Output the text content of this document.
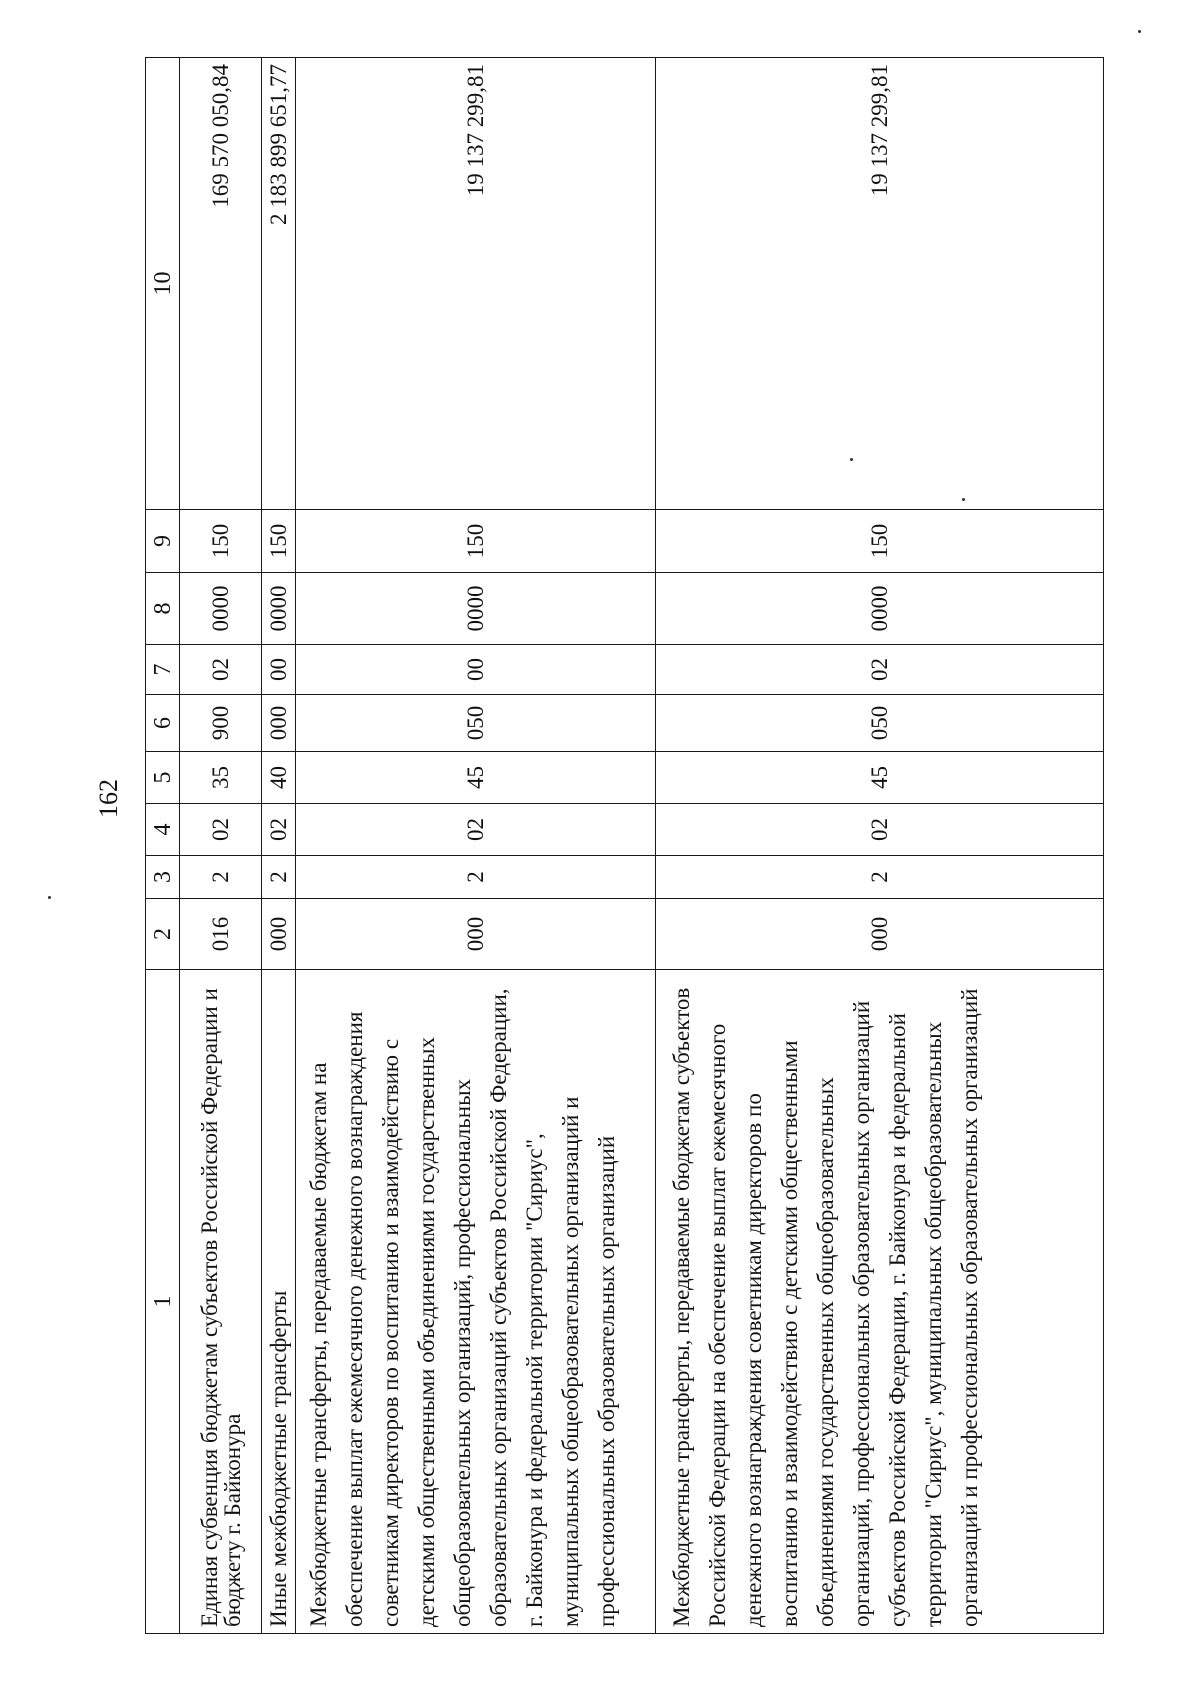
162
1	2	3	4	5	6	7	8	9	10
Единая субвенция бюджетам субъектов Российской Федерации и бюджету г. Байконура	016	2	02	35	900	02	0000	150	169 570 050,84
Иные межбюджетные трансферты	000	2	02	40	000	00	0000	150	2 183 899 651,77
Межбюджетные трансферты, передаваемые бюджетам на обеспечение выплат ежемесячного денежного вознаграждения советникам директоров по воспитанию и взаимодействию с детскими общественными объединениями государственных общеобразовательных организаций, профессиональных образовательных организаций субъектов Российской Федерации, г. Байконура и федеральной территории "Сириус", муниципальных общеобразовательных организаций и профессиональных образовательных организаций	000	2	02	45	050	00	0000	150	19 137 299,81
Межбюджетные трансферты, передаваемые бюджетам субъектов Российской Федерации на обеспечение выплат ежемесячного денежного вознаграждения советникам директоров по воспитанию и взаимодействию с детскими общественными объединениями государственных общеобразовательных организаций, профессиональных образовательных организаций субъектов Российской Федерации, г. Байконура и федеральной территории "Сириус", муниципальных общеобразовательных организаций и профессиональных образовательных организаций	000	2	02	45	050	02	0000	150	19 137 299,81
